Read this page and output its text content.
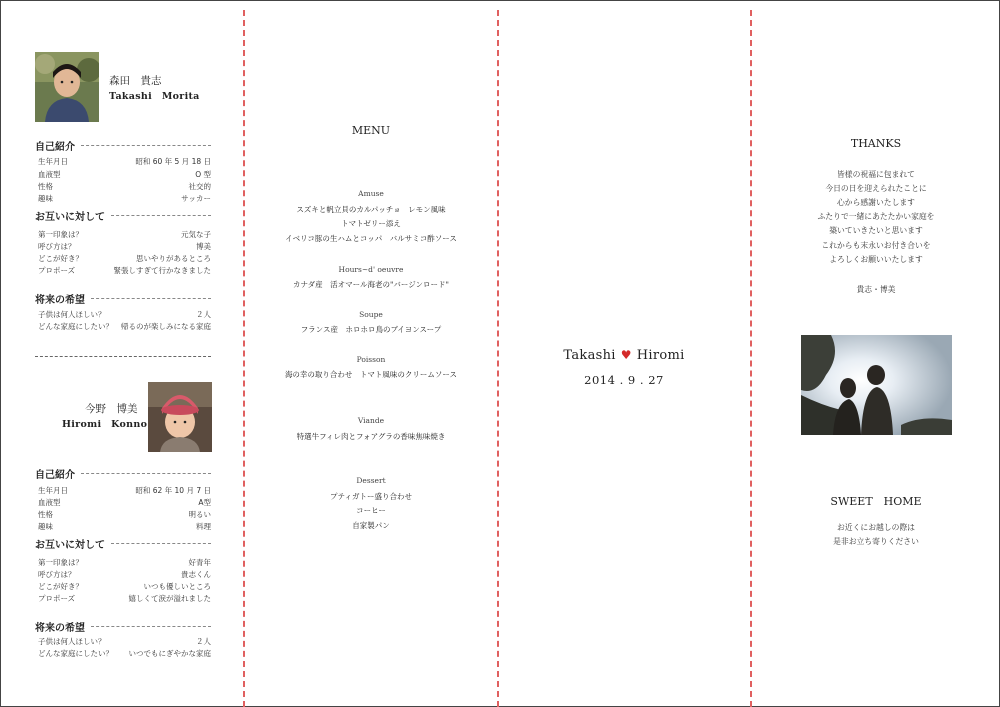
森田　貴志
Takashi　Morita
自己紹介
生年月日	昭和 60 年 5 月 18 日
血液型	O 型
性格	社交的
趣味	サッカー
お互いに対して
第一印象は？	元気な子
呼び方は？	博美
どこが好き？	思いやりがあるところ
プロポーズ	緊張しすぎて行かなきました
将来の希望
子供は何人ほしい？	２人
どんな家庭にしたい？ 帰るのが楽しみになる家庭
今野　博美
Hiromi　Konno
自己紹介
生年月日	昭和 62 年 10 月 7 日
血液型	A型
性格	明るい
趣味	料理
お互いに対して
第一印象は？	好青年
呼び方は？	貴志くん
どこが好き？	いつも優しいところ
プロポーズ	嬉しくて涙が溢れました
将来の希望
子供は何人ほしい？	２人
どんな家庭にしたい？ いつでもにぎやかな家庭
MENU
Amuse
スズキと帆立貝のカルパッチョ　レモン風味
トマトゼリー添え
イベリコ豚の生ハムとコッパ　バルサミコ酢ソース
Hours~d' oeuvre
カナダ産　活オマール海老の"バージンロード"
Soupe
フランス産　ホロホロ鳥のブイヨンスープ
Poisson
海の幸の取り合わせ　トマト風味のクリームソース
Viande
特選牛フィレ肉とフォアグラの香味焦味焼き
Dessert
プティガトー盛り合わせ
コーヒー
自家製パン
Takashi ♥ Hiromi
2014 . 9 . 27
THANKS
皆様の祝福に包まれて
今日の日を迎えられたことに
心から感謝いたします
ふたりで一緒にあたたかい家庭を
築いていきたいと思います
これからも末永いお付き合いを
よろしくお願いいたします
貴志・博美
SWEET　HOME
お近くにお越しの際は
是非お立ち寄りください
